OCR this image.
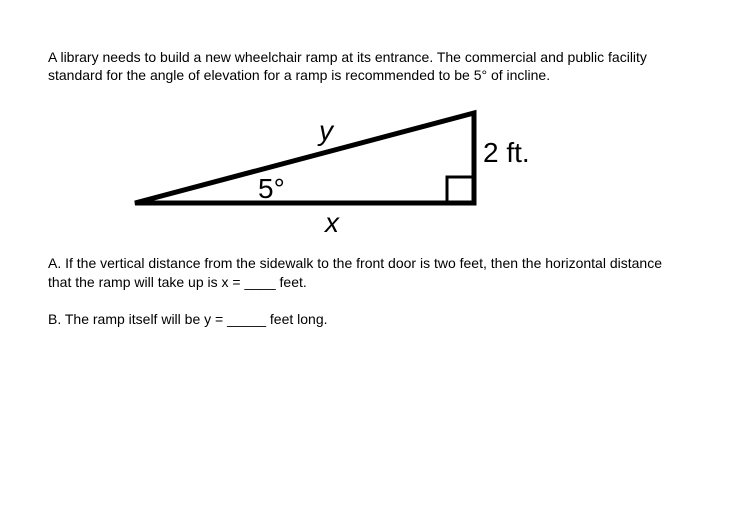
A library needs to build a new wheelchair ramp at its entrance. The commercial and public facility
standard for the angle of elevation for a ramp is recommended to be 5° of incline.

y
2 ft.
5°
x

A. If the vertical distance from the sidewalk to the front door is two feet, then the horizontal distance
that the ramp will take up is x = ____ feet.

B. The ramp itself will be y = _____ feet long.
